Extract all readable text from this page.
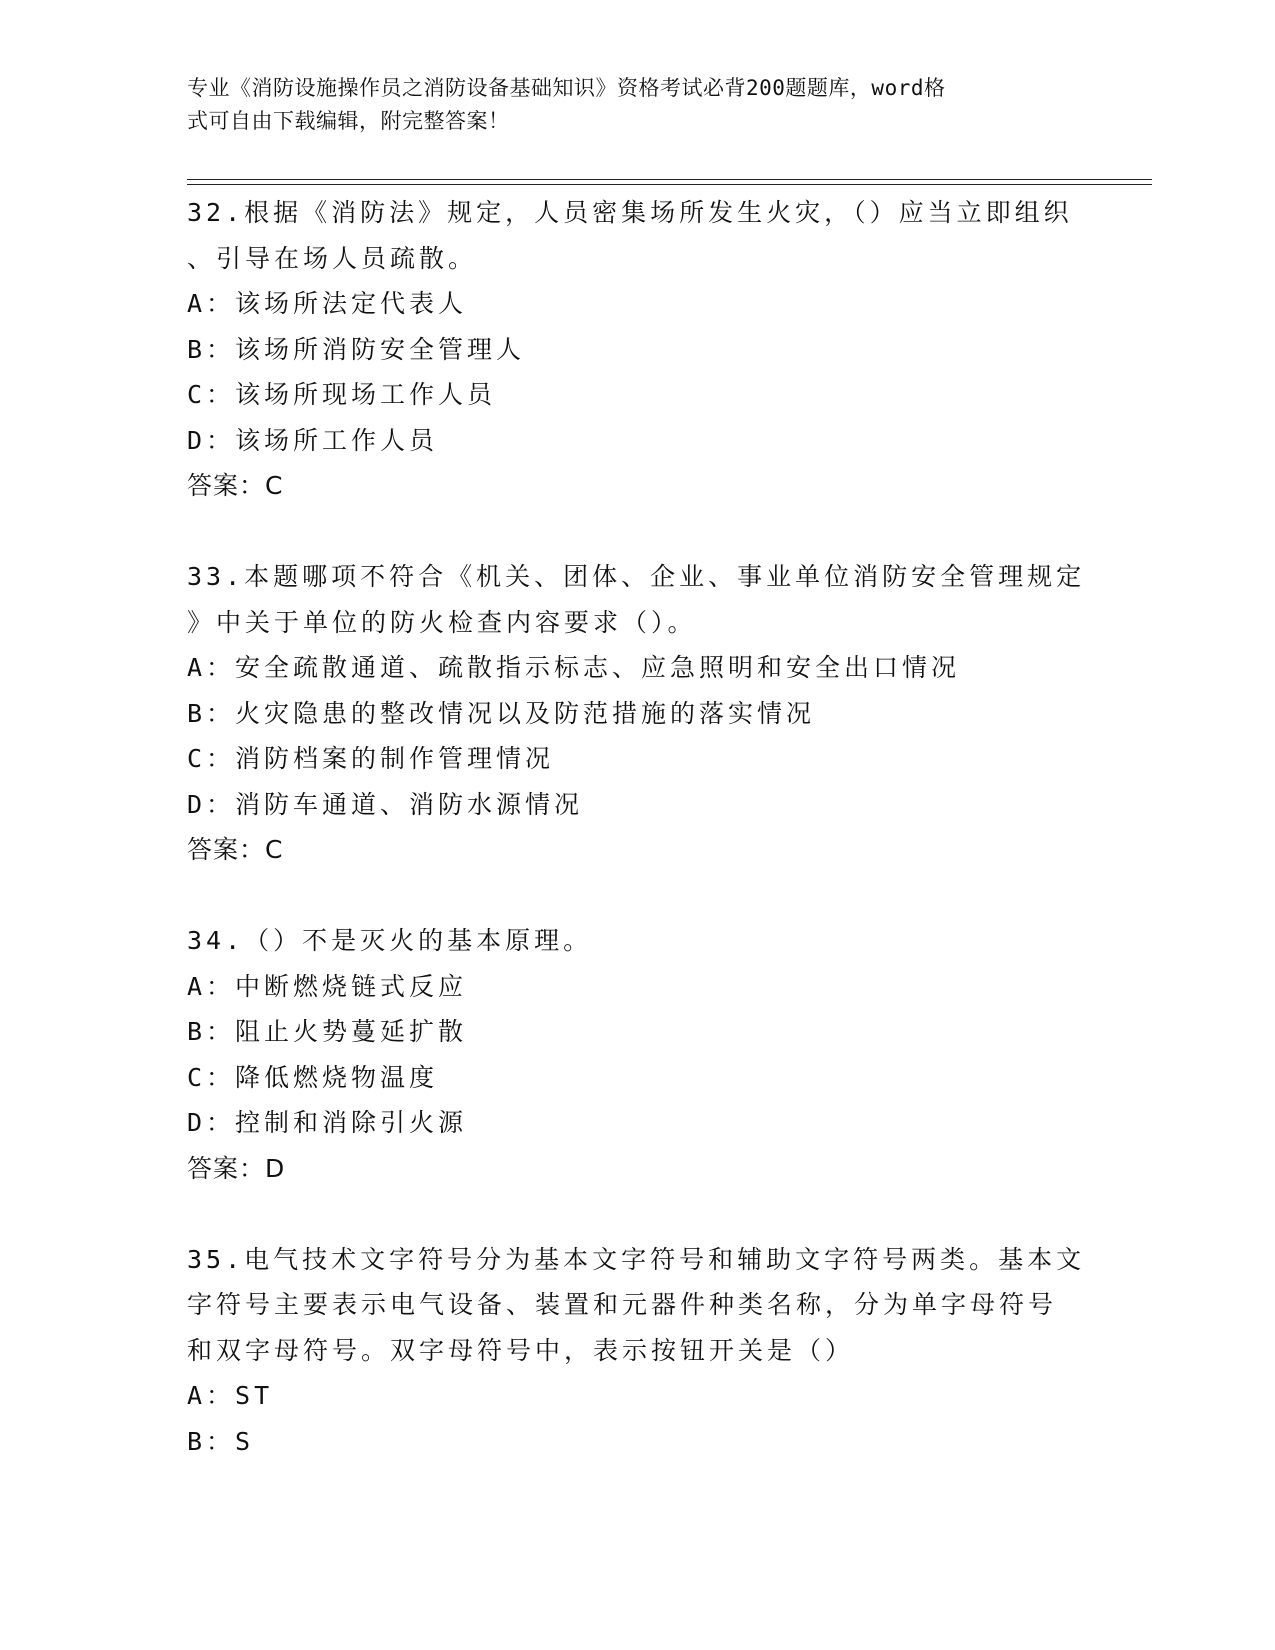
专业《消防设施操作员之消防设备基础知识》资格考试必背200题题库，word格
式可自由下载编辑，附完整答案！
32.根据《消防法》规定，人员密集场所发生火灾，（）应当立即组织
、引导在场人员疏散。
A：该场所法定代表人
B：该场所消防安全管理人
C：该场所现场工作人员
D：该场所工作人员
答案：C
33.本题哪项不符合《机关、团体、企业、事业单位消防安全管理规定
》中关于单位的防火检查内容要求（）。
A：安全疏散通道、疏散指示标志、应急照明和安全出口情况
B：火灾隐患的整改情况以及防范措施的落实情况
C：消防档案的制作管理情况
D：消防车通道、消防水源情况
答案：C
34.（）不是灭火的基本原理。
A：中断燃烧链式反应
B：阻止火势蔓延扩散
C：降低燃烧物温度
D：控制和消除引火源
答案：D
35.电气技术文字符号分为基本文字符号和辅助文字符号两类。基本文
字符号主要表示电气设备、装置和元器件种类名称，分为单字母符号
和双字母符号。双字母符号中，表示按钮开关是（）
A：ST
B：S
